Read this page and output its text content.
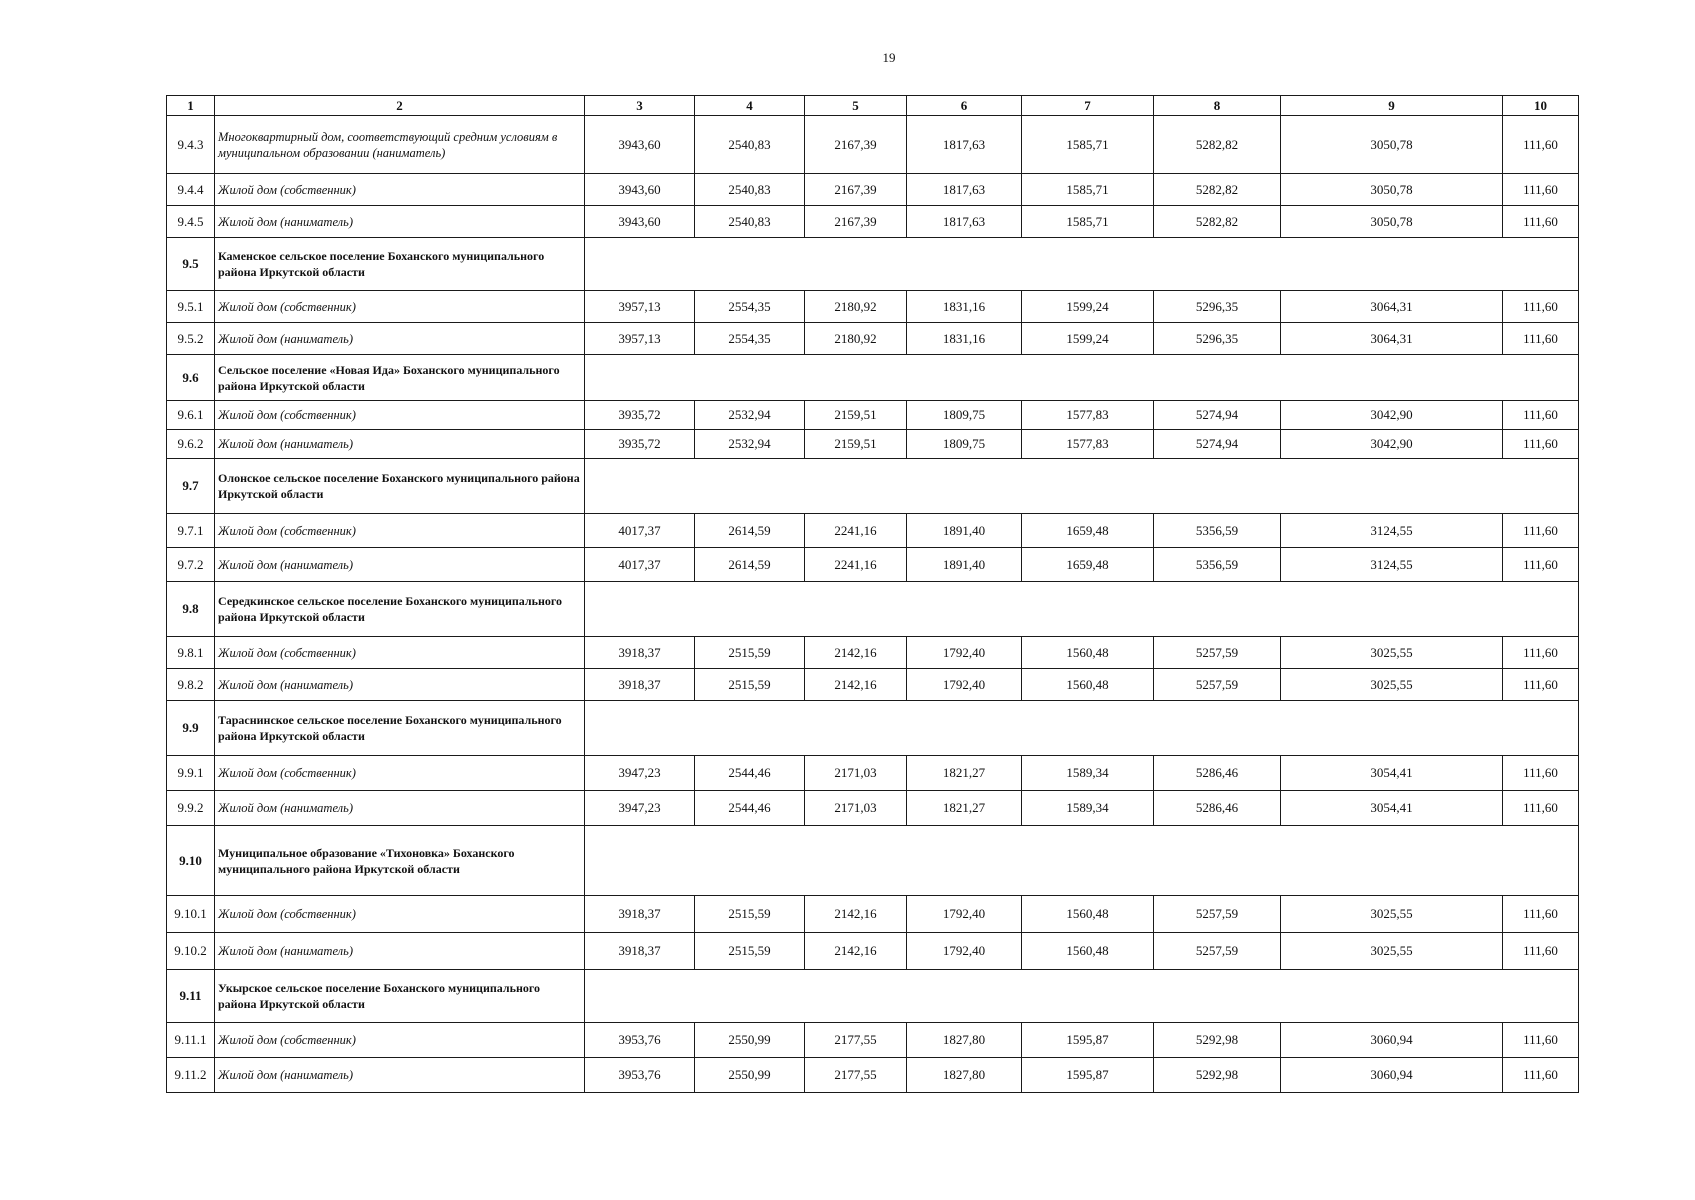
19
1	2	3	4	5	6	7	8	9	10
9.4.3	Многоквартирный дом, соответствующий средним условиям в муниципальном образовании (наниматель)	3943,60	2540,83	2167,39	1817,63	1585,71	5282,82	3050,78	111,60
9.4.4	Жилой дом (собственник)	3943,60	2540,83	2167,39	1817,63	1585,71	5282,82	3050,78	111,60
9.4.5	Жилой дом (наниматель)	3943,60	2540,83	2167,39	1817,63	1585,71	5282,82	3050,78	111,60
9.5	Каменское сельское поселение Боханского муниципального района Иркутской области								
9.5.1	Жилой дом (собственник)	3957,13	2554,35	2180,92	1831,16	1599,24	5296,35	3064,31	111,60
9.5.2	Жилой дом (наниматель)	3957,13	2554,35	2180,92	1831,16	1599,24	5296,35	3064,31	111,60
9.6	Сельское поселение «Новая Ида» Боханского муниципального района Иркутской области								
9.6.1	Жилой дом (собственник)	3935,72	2532,94	2159,51	1809,75	1577,83	5274,94	3042,90	111,60
9.6.2	Жилой дом (наниматель)	3935,72	2532,94	2159,51	1809,75	1577,83	5274,94	3042,90	111,60
9.7	Олонское сельское поселение Боханского муниципального района Иркутской области								
9.7.1	Жилой дом (собственник)	4017,37	2614,59	2241,16	1891,40	1659,48	5356,59	3124,55	111,60
9.7.2	Жилой дом (наниматель)	4017,37	2614,59	2241,16	1891,40	1659,48	5356,59	3124,55	111,60
9.8	Середкинское сельское поселение Боханского муниципального района Иркутской области								
9.8.1	Жилой дом (собственник)	3918,37	2515,59	2142,16	1792,40	1560,48	5257,59	3025,55	111,60
9.8.2	Жилой дом (наниматель)	3918,37	2515,59	2142,16	1792,40	1560,48	5257,59	3025,55	111,60
9.9	Тараснинское сельское поселение Боханского муниципального района Иркутской области								
9.9.1	Жилой дом (собственник)	3947,23	2544,46	2171,03	1821,27	1589,34	5286,46	3054,41	111,60
9.9.2	Жилой дом (наниматель)	3947,23	2544,46	2171,03	1821,27	1589,34	5286,46	3054,41	111,60
9.10	Муниципальное образование «Тихоновка» Боханского муниципального района Иркутской области								
9.10.1	Жилой дом (собственник)	3918,37	2515,59	2142,16	1792,40	1560,48	5257,59	3025,55	111,60
9.10.2	Жилой дом (наниматель)	3918,37	2515,59	2142,16	1792,40	1560,48	5257,59	3025,55	111,60
9.11	Укырское сельское поселение Боханского муниципального района Иркутской области								
9.11.1	Жилой дом (собственник)	3953,76	2550,99	2177,55	1827,80	1595,87	5292,98	3060,94	111,60
9.11.2	Жилой дом (наниматель)	3953,76	2550,99	2177,55	1827,80	1595,87	5292,98	3060,94	111,60
